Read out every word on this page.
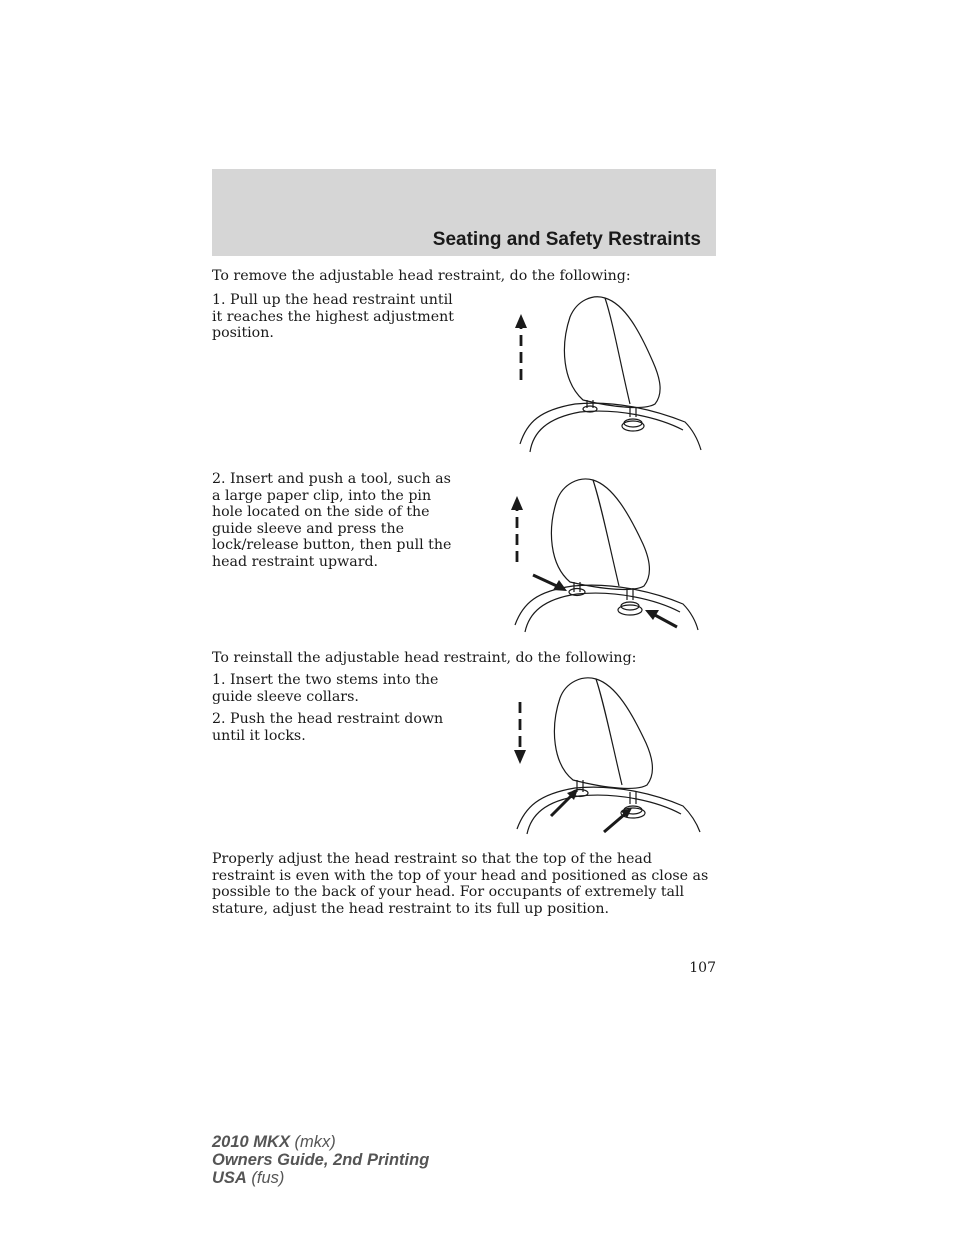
Seating and Safety Restraints

To remove the adjustable head restraint, do the following:

1. Pull up the head restraint until it reaches the highest adjustment position.

2. Insert and push a tool, such as a large paper clip, into the pin hole located on the side of the guide sleeve and press the lock/release button, then pull the head restraint upward.

To reinstall the adjustable head restraint, do the following:

1. Insert the two stems into the guide sleeve collars.

2. Push the head restraint down until it locks.

Properly adjust the head restraint so that the top of the head restraint is even with the top of your head and positioned as close as possible to the back of your head. For occupants of extremely tall stature, adjust the head restraint to its full up position.

107

2010 MKX (mkx)
Owners Guide, 2nd Printing
USA (fus)
